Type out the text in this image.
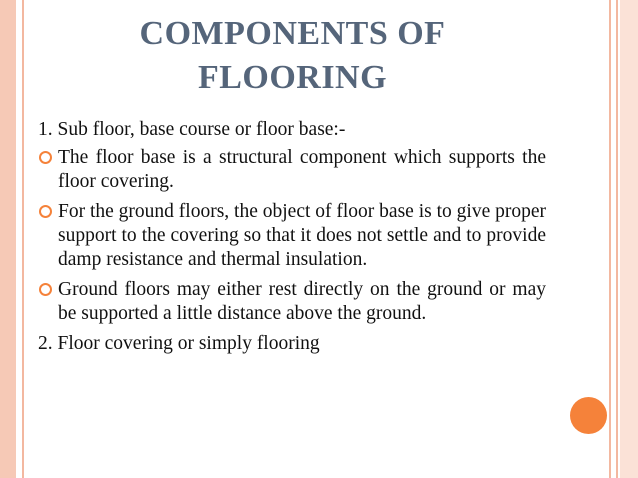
COMPONENTS OF
FLOORING
1. Sub floor, base course or floor base:-
The floor base is a structural component which supports the floor covering.
For the ground floors, the object of floor base is to give proper support to the covering so that it does not settle and to provide damp resistance and thermal insulation.
Ground floors may either rest directly on the ground or may be supported a little distance above the ground.
2. Floor covering or simply flooring
